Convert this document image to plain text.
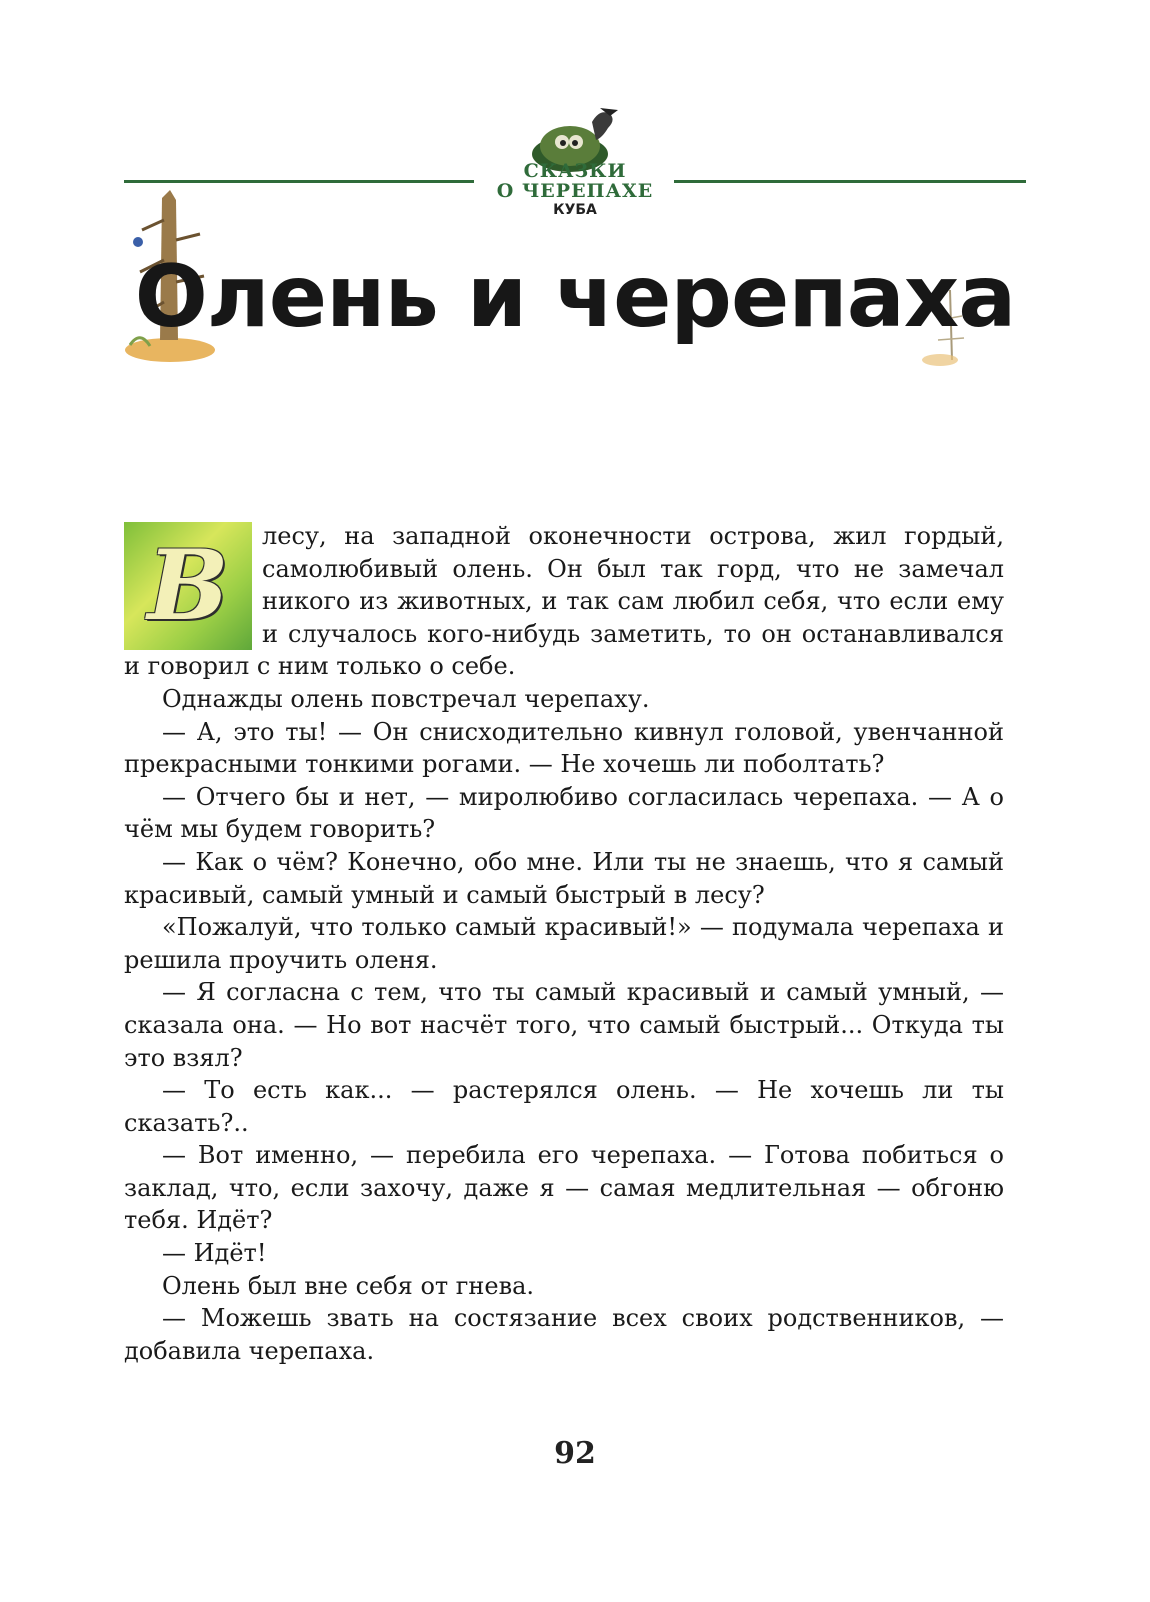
СКАЗКИ
О ЧЕРЕПАХЕ
КУБА
Олень и черепаха
В	лесу, на западной оконечности острова, жил гордый, самолюбивый олень. Он был так горд, что не замечал никого из животных, и так сам любил себя, что если ему и случалось кого-нибудь заметить, то он останавливался и говорил с ним только о себе.

Однажды олень повстречал черепаху.

— А, это ты! — Он снисходительно кивнул головой, увенчанной прекрасными тонкими рогами. — Не хочешь ли поболтать?

— Отчего бы и нет, — миролюбиво согласилась черепаха. — А о чём мы будем говорить?

— Как о чём? Конечно, обо мне. Или ты не знаешь, что я самый красивый, самый умный и самый быстрый в лесу?

«Пожалуй, что только самый красивый!» — подумала черепаха и решила проучить оленя.

— Я согласна с тем, что ты самый красивый и самый умный, — сказала она. — Но вот насчёт того, что самый быстрый... Откуда ты это взял?

— То есть как... — растерялся олень. — Не хочешь ли ты сказать?..

— Вот именно, — перебила его черепаха. — Готова побиться о заклад, что, если захочу, даже я — самая медлительная — обгоню тебя. Идёт?

— Идёт!

Олень был вне себя от гнева.

— Можешь звать на состязание всех своих родственников, — добавила черепаха.

92
